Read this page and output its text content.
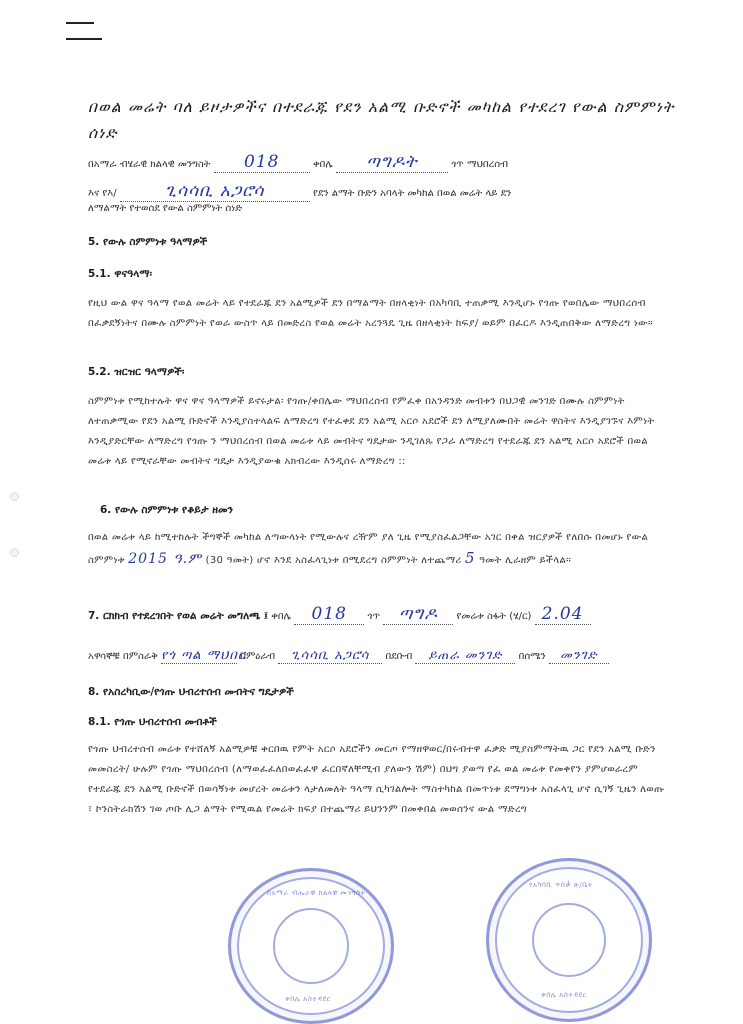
በወል መሬት ባለ ይዞታዎችና በተደራጁ የደን አልሚ ቡድኖች መካከል የተደረገ የውል ስምምነት ሰነድ
በአማራ ብሄራዊ ክልላዊ መንግስት 018	ቀበሌ ጣግዶት	ጎጥ ማህበረሰብ
እና የእ/	ጊሳሳቢ አጋሮሳ	የደን ልማት ቡድን አባላት መካከል በወል መሬት ላይ ደን
ለማልማት የተወሰደ የውል ስምምነት ሰነድ
5. የውሉ ስምምነቱ ዓላማዎች
5.1. ዋናዓላማ፡
የዚህ ውል ዋና ዓላማ የወል መሬት ላይ የተደራጁ ደን አልሚዎች ደን በማልማት በዘላቂነት በአካባቢ ተጠቃሚ እንዲሆኑ የጎጡ የወበሌው ማህበረሰብ በፈቃደኝነትና በሙሉ ስምምነት የወራ ውስጥ ላይ በመድረስ የወል መሬት አረንጓዴ ጊዜ በዘላቂነት ከፍያ/ ወይም በፈርዶ እንዲጠበቅው ለማድረግ ነው።
5.2. ዝርዝር ዓላማዎች፡
ስምምነቱ የሚከተሉት ዋና ዋና ዓላማዎች ይኖሩታል፡ የጎጡ/ቀበሌው ማህበረሰብ የምፈቀ በአንዳንድ መብቱን በህጋዊ መንገድ በሙሉ ስምምነት ለተጠቃሚው የደን አልሚ ቡድኖች እንዲያስተላልፍ ለማድረግ የተፈቀደ ደን አልሚ አርሶ አደሮች ደን ለሚያለሙበት መሬት ዋስትና እንዲያገኙና እምነት እንዲያድርቸው ለማድረግ የጎጡ ን ማህበረሰብ በወል መሬቱ ላይ መብትና ግዴታው ንዲገለጹ የጋራ ለማድረግ የተደራጁ ደን አልሚ አርሶ አደሮች በወል መሬቱ ላይ የሚኖራቸው መብትና ግዴታ እንዲያውቁ አክብረው እንዲሰሩ ለማድረግ ::
6. የውሉ ስምምነቱ የቆይታ ዘመን
በወል መሬቱ ላይ ከሚተከሉት ችግኞች መካከል ለጣውላነት የሚውሉና ረዥም ያለ ጊዜ የሚያስፈልጋቸው አገር በቀል ዝርያዎች የለበሱ በመሆኑ የውል ስምምነቱ 2015 ዓ.ም (30 ዓመት) ሆኖ እንደ አስፈላጊነቱ በሚደረግ ስምምነት ለተጨማሪ 5 ዓመት ሊራዘም ይችላል።
7. ርክክብ የተደረገበት የወል መሬት መግለጫ ፤ ቀበሌ 018 ጎጥ ጣግዶ የመሬቱ ስፋት (ሄ/ር) 2.04
አዋሳኞቹ በምስራቅ የጎ ጣል ማህበር በምዕራብ ጊሳሳቢ አጋሮሳ በደቡብ ይጠራ መንገድ በሰሜን መንገድ
8. የአስረካቢው/የጎጡ ህብረተሰብ መብትና ግዴታዎች
8.1. የጎጡ ህብረተሰብ መብቶች
የጎጡ ህብረተሰብ መሬቱ የተሸለኝ አልሚዎቹ ቀርበዉ የምት አርሶ አደሮችን መርጦ የማዘዋወር/በሩብተዋ ፈቃድ ሚያስምማትዉ ጋር የደን አልሚ ቡድን መመስረት/ ሁሉም የጎጡ ማህበረሰብ (ለማወፈፈለበወፈፈዋ ፈርበኛለቸሚብ ያለውን ሽም) በህግ ያወጣ የፈ ወል መሬቱ የመቀየን ያምሆወራረም የተደራጁ ደን አልሚ ቡድኖች በወሳኝነቱ መሆረት መሬቱን ላታለመለት ዓላማ ሲካገልሎት ማስተካከል በመጥነቱ ደማግነቱ አስፈላጊ ሆኖ ሲገኝ ጊዜን ለወጡ ፣ ኮንስትራክሽን ገወ ጦቡ ሊጋ ልማት የሚዉል የመሬት ክፍያ በተጨማሪ ይህንንም በመቀበል መወሰንና ውል ማድረግ
በአማራ ብሔራዊ ክልላዊ መንግስት
ቀበሌ አስተዳደር
የአካባቢ ጥበቃ ጽ/ቤት
ቀበሌ አስተዳደር
